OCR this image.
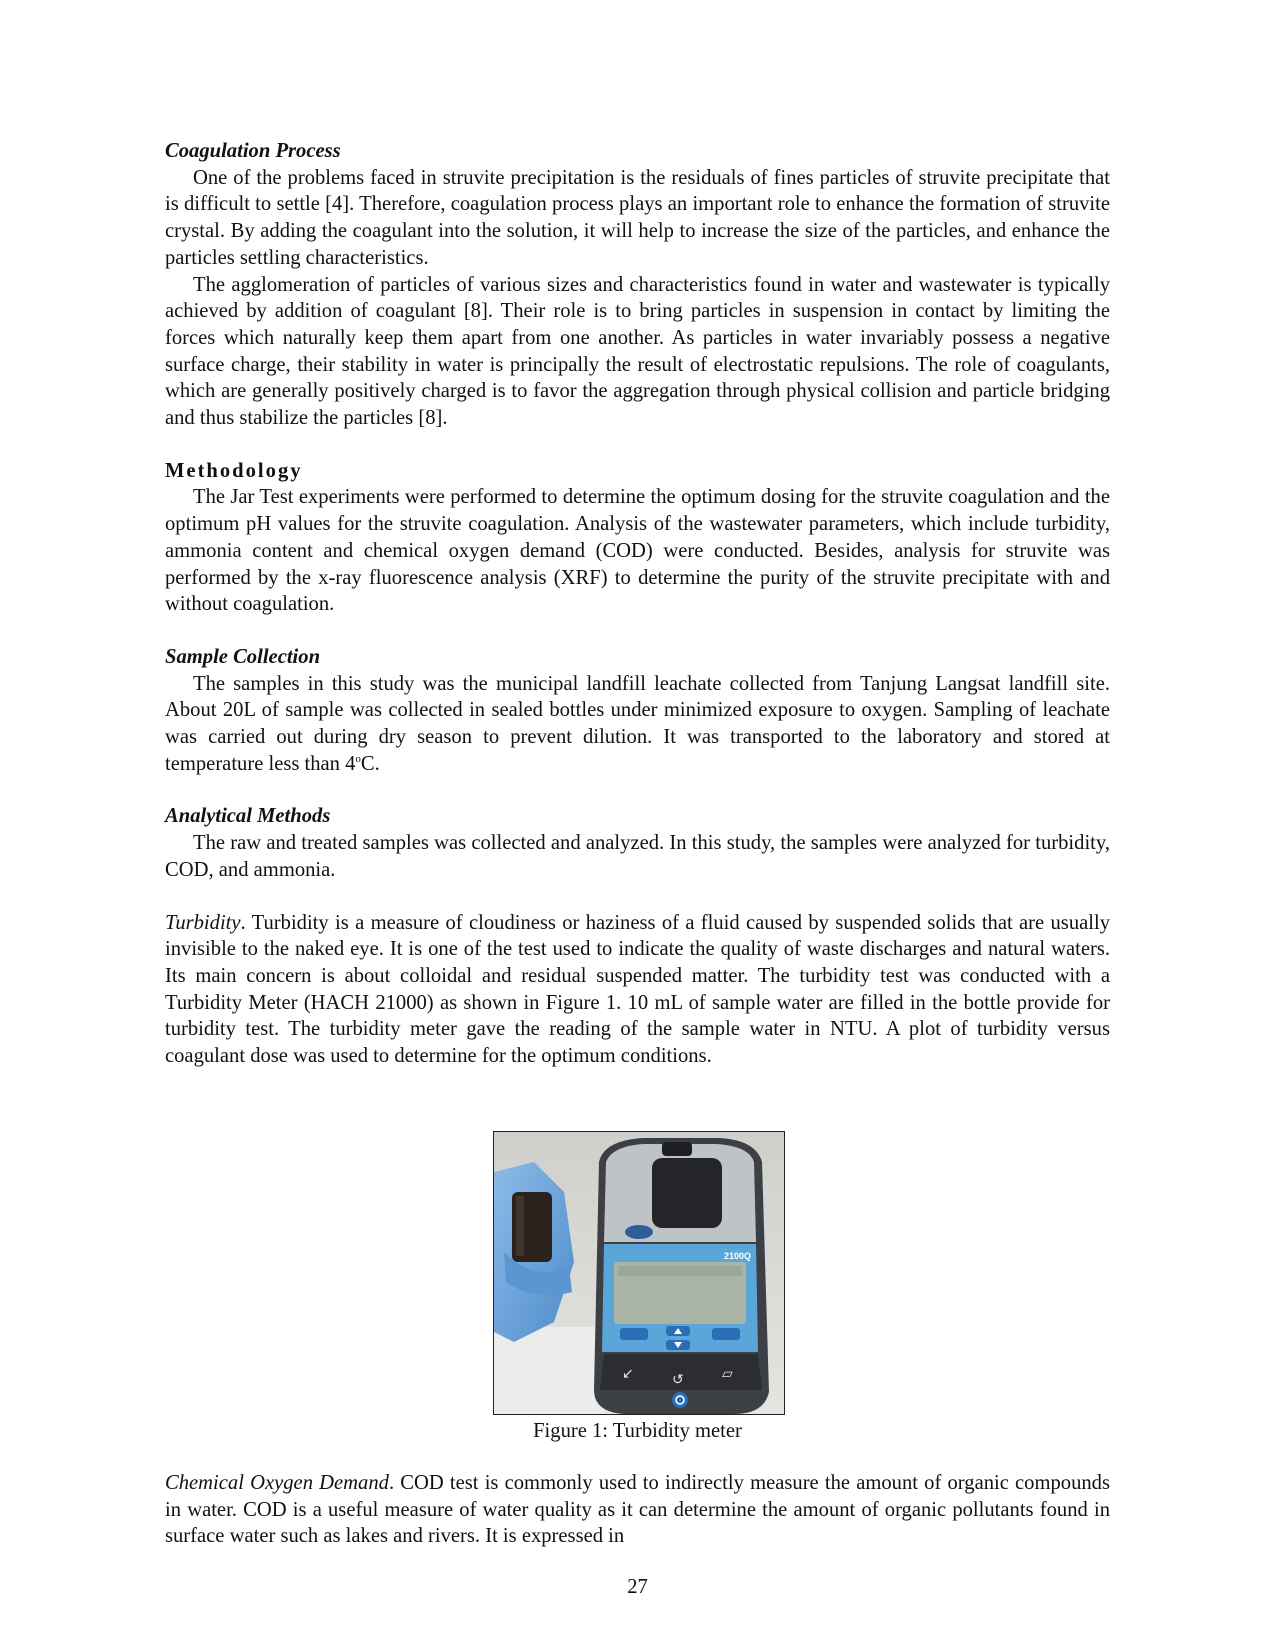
Coagulation Process

One of the problems faced in struvite precipitation is the residuals of fines particles of struvite precipitate that is difficult to settle [4]. Therefore, coagulation process plays an important role to enhance the formation of struvite crystal. By adding the coagulant into the solution, it will help to increase the size of the particles, and enhance the particles settling characteristics.

The agglomeration of particles of various sizes and characteristics found in water and wastewater is typically achieved by addition of coagulant [8]. Their role is to bring particles in suspension in contact by limiting the forces which naturally keep them apart from one another. As particles in water invariably possess a negative surface charge, their stability in water is principally the result of electrostatic repulsions. The role of coagulants, which are generally positively charged is to favor the aggregation through physical collision and particle bridging and thus stabilize the particles [8].

Methodology

The Jar Test experiments were performed to determine the optimum dosing for the struvite coagulation and the optimum pH values for the struvite coagulation. Analysis of the wastewater parameters, which include turbidity, ammonia content and chemical oxygen demand (COD) were conducted. Besides, analysis for struvite was performed by the x-ray fluorescence analysis (XRF) to determine the purity of the struvite precipitate with and without coagulation.

Sample Collection

The samples in this study was the municipal landfill leachate collected from Tanjung Langsat landfill site. About 20L of sample was collected in sealed bottles under minimized exposure to oxygen. Sampling of leachate was carried out during dry season to prevent dilution. It was transported to the laboratory and stored at temperature less than 4$^o$C.

Analytical Methods

The raw and treated samples was collected and analyzed. In this study, the samples were analyzed for turbidity, COD, and ammonia.

Turbidity. Turbidity is a measure of cloudiness or haziness of a fluid caused by suspended solids that are usually invisible to the naked eye. It is one of the test used to indicate the quality of waste discharges and natural waters. Its main concern is about colloidal and residual suspended matter. The turbidity test was conducted with a Turbidity Meter (HACH 21000) as shown in Figure 1. 10 mL of sample water are filled in the bottle provide for turbidity test. The turbidity meter gave the reading of the sample water in NTU. A plot of turbidity versus coagulant dose was used to determine for the optimum conditions.

2100Q
↙	↺	▱
Figure 1: Turbidity meter

Chemical Oxygen Demand. COD test is commonly used to indirectly measure the amount of organic compounds in water. COD is a useful measure of water quality as it can determine the amount of organic pollutants found in surface water such as lakes and rivers. It is expressed in

27
